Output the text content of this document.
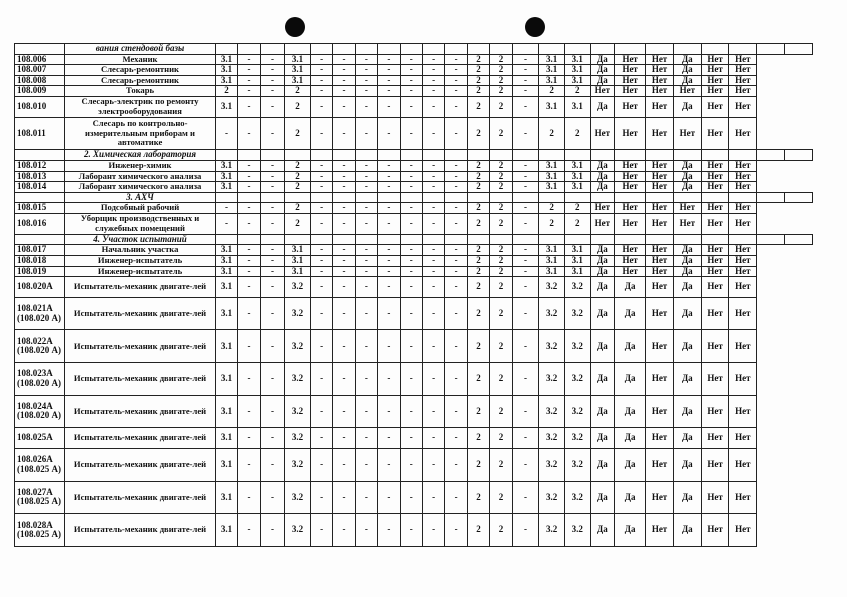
	вания стендовой базы																								
108.006	Механик	3.1	-	-	3.1	-	-	-	-	-	-	-	2	2	-	3.1	3.1	Да	Нет	Нет	Да	Нет	Нет		
108.007	Слесарь-ремонтник	3.1	-	-	3.1	-	-	-	-	-	-	-	2	2	-	3.1	3.1	Да	Нет	Нет	Да	Нет	Нет		
108.008	Слесарь-ремонтник	3.1	-	-	3.1	-	-	-	-	-	-	-	2	2	-	3.1	3.1	Да	Нет	Нет	Да	Нет	Нет		
108.009	Токарь	2	-	-	2	-	-	-	-	-	-	-	2	2	-	2	2	Нет	Нет	Нет	Нет	Нет	Нет		
108.010	Слесарь-электрик по ремонту электрооборудования	3.1	-	-	2	-	-	-	-	-	-	-	2	2	-	3.1	3.1	Да	Нет	Нет	Да	Нет	Нет		
108.011	Слесарь по контрольно-измерительным приборам и автоматике	-	-	-	2	-	-	-	-	-	-	-	2	2	-	2	2	Нет	Нет	Нет	Нет	Нет	Нет		
	2. Химическая лаборатория																								
108.012	Инженер-химик	3.1	-	-	2	-	-	-	-	-	-	-	2	2	-	3.1	3.1	Да	Нет	Нет	Да	Нет	Нет		
108.013	Лаборант химического анализа	3.1	-	-	2	-	-	-	-	-	-	-	2	2	-	3.1	3.1	Да	Нет	Нет	Да	Нет	Нет		
108.014	Лаборант химического анализа	3.1	-	-	2	-	-	-	-	-	-	-	2	2	-	3.1	3.1	Да	Нет	Нет	Да	Нет	Нет		
	3. АХЧ																								
108.015	Подсобный рабочий	-	-	-	2	-	-	-	-	-	-	-	2	2	-	2	2	Нет	Нет	Нет	Нет	Нет	Нет		
108.016	Уборщик производственных и служебных помещений	-	-	-	2	-	-	-	-	-	-	-	2	2	-	2	2	Нет	Нет	Нет	Нет	Нет	Нет		
	4. Участок испытаний																								
108.017	Начальник участка	3.1	-	-	3.1	-	-	-	-	-	-	-	2	2	-	3.1	3.1	Да	Нет	Нет	Да	Нет	Нет		
108.018	Инженер-испытатель	3.1	-	-	3.1	-	-	-	-	-	-	-	2	2	-	3.1	3.1	Да	Нет	Нет	Да	Нет	Нет		
108.019	Инженер-испытатель	3.1	-	-	3.1	-	-	-	-	-	-	-	2	2	-	3.1	3.1	Да	Нет	Нет	Да	Нет	Нет		
108.020А	Испытатель-механик двигате-лей	3.1	-	-	3.2	-	-	-	-	-	-	-	2	2	-	3.2	3.2	Да	Да	Нет	Да	Нет	Нет		
108.021А (108.020 А)	Испытатель-механик двигате-лей	3.1	-	-	3.2	-	-	-	-	-	-	-	2	2	-	3.2	3.2	Да	Да	Нет	Да	Нет	Нет		
108.022А (108.020 А)	Испытатель-механик двигате-лей	3.1	-	-	3.2	-	-	-	-	-	-	-	2	2	-	3.2	3.2	Да	Да	Нет	Да	Нет	Нет		
108.023А (108.020 А)	Испытатель-механик двигате-лей	3.1	-	-	3.2	-	-	-	-	-	-	-	2	2	-	3.2	3.2	Да	Да	Нет	Да	Нет	Нет		
108.024А (108.020 А)	Испытатель-механик двигате-лей	3.1	-	-	3.2	-	-	-	-	-	-	-	2	2	-	3.2	3.2	Да	Да	Нет	Да	Нет	Нет		
108.025А	Испытатель-механик двигате-лей	3.1	-	-	3.2	-	-	-	-	-	-	-	2	2	-	3.2	3.2	Да	Да	Нет	Да	Нет	Нет		
108.026А (108.025 А)	Испытатель-механик двигате-лей	3.1	-	-	3.2	-	-	-	-	-	-	-	2	2	-	3.2	3.2	Да	Да	Нет	Да	Нет	Нет		
108.027А (108.025 А)	Испытатель-механик двигате-лей	3.1	-	-	3.2	-	-	-	-	-	-	-	2	2	-	3.2	3.2	Да	Да	Нет	Да	Нет	Нет		
108.028А (108.025 А)	Испытатель-механик двигате-лей	3.1	-	-	3.2	-	-	-	-	-	-	-	2	2	-	3.2	3.2	Да	Да	Нет	Да	Нет	Нет		
